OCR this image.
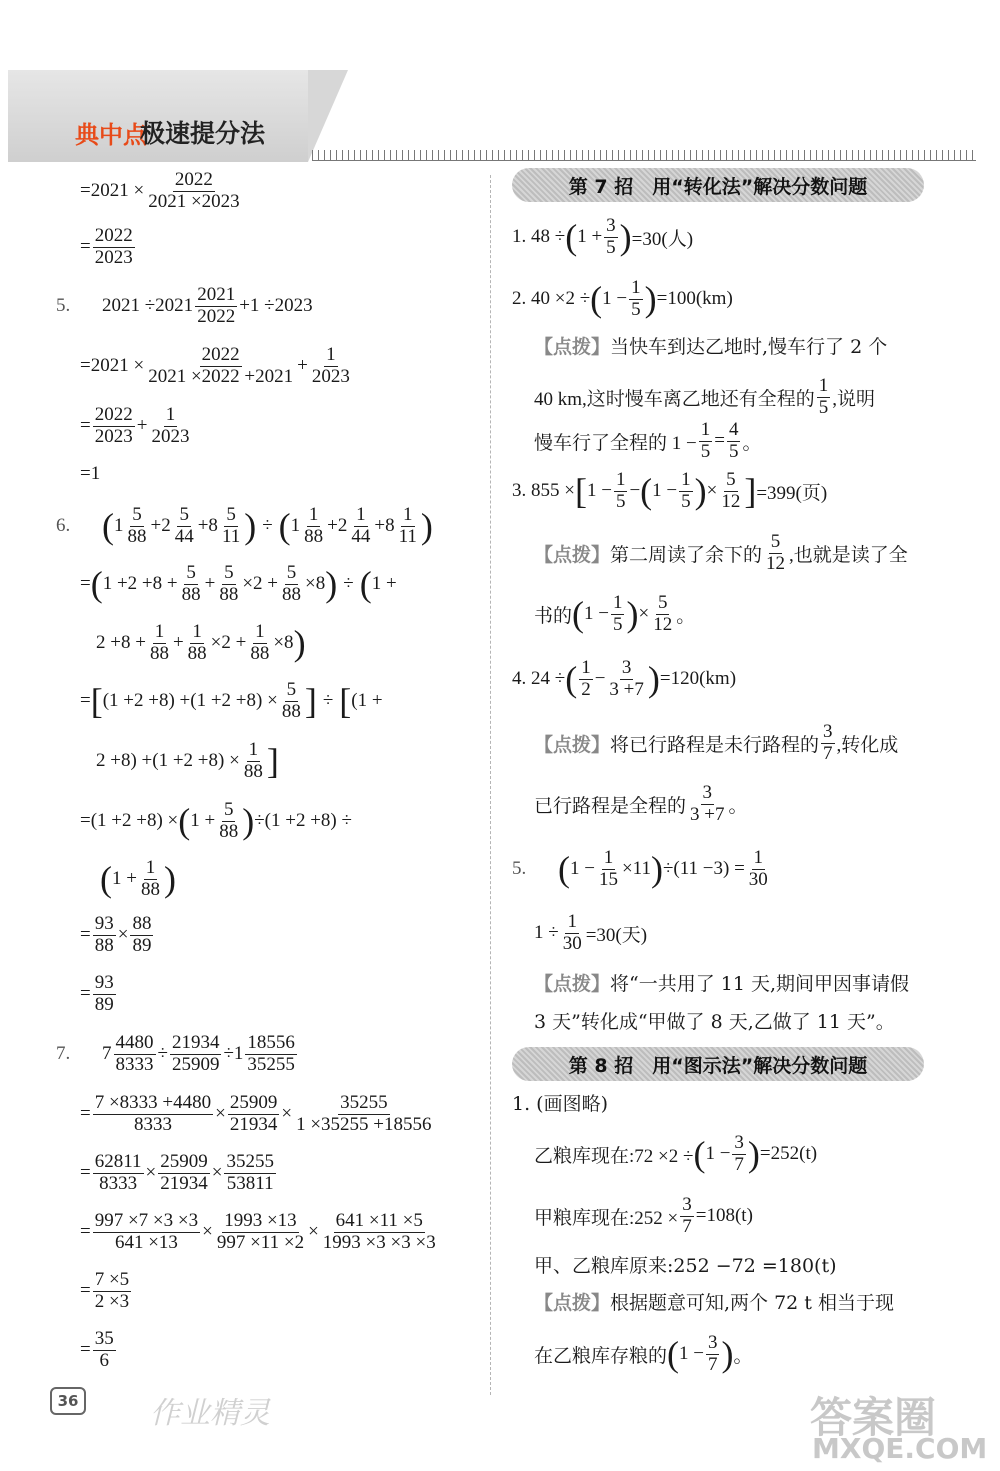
典中点
极速提分法
$=2021 \times \frac{2022}{2021 \times 2023}$
= $\frac{2022}{2023}$
5.	$2021 \div 2021 \frac{2021}{2022} +1 \div 2023$
$=2021 \times \frac{2022}{2021 \times 2022 +2021} + \frac{1}{2023}$
= $\frac{2022}{2023} + \frac{1}{2023}$
=1
6. ( $1 \frac{5}{88} +2 \frac{5}{44} +8 \frac{5}{11}$ ) ÷ ( $1 \frac{1}{88} +2 \frac{1}{44} +8 \frac{1}{11}$ )
= ( $1 +2 +8 + \frac{5}{88} + \frac{5}{88} \times 2 + \frac{5}{88} \times 8$ ) ÷ ( 1 +
$2 +8 + \frac{1}{88} + \frac{1}{88} \times 2 + \frac{1}{88} \times 8$ )
= [ $(1 +2 +8) +(1 +2 +8) \times \frac{5}{88}$ ] ÷ [ (1 +
$2 +8) +(1 +2 +8) \times \frac{1}{88}$ ]
=(1 +2 +8) × ( $1 + \frac{5}{88}$ ) ÷(1 +2 +8) ÷
( $1 + \frac{1}{88}$ )
= $\frac{93}{88} \times \frac{88}{89}$
= $\frac{93}{89}$
7.	$7 \frac{4480}{8333} \div \frac{21934}{25909} \div 1 \frac{18556}{35255}$
= $\frac{7 \times 8333 +4480}{8333} \times \frac{25909}{21934} \times \frac{35255}{1 \times 35255 +18556}$
= $\frac{62811}{8333} \times \frac{25909}{21934} \times \frac{35255}{53811}$
= $\frac{997 \times 7 \times 3 \times 3}{641 \times 13} \times \frac{1993 \times 13}{997 \times 11 \times 2} \times \frac{641 \times 11 \times 5}{1993 \times 3 \times 3 \times 3}$
= $\frac{7 \times 5}{2 \times 3}$
= $\frac{35}{6}$
第 7 招　用“转化法”解决分数问题
1. 48 ÷ ( $1 + \frac{3}{5}$ ) =30(人)
2. 40 ×2 ÷ ( $1 - \frac{1}{5}$ ) =100(km)
【点拨】当快车到达乙地时,慢车行了 2 个
40 km,这时慢车离乙地还有全程的 $\frac{1}{5}$ ,说明
慢车行了全程的 $1 - \frac{1}{5} = \frac{4}{5}$ 。
3. 855 × [ $1 - \frac{1}{5}$ − ( $1 - \frac{1}{5}$ ) × $\frac{5}{12}$ ] =399(页)
【点拨】 第二周读了余下的 $\frac{5}{12}$ ,也就是读了全
书的 ( $1 - \frac{1}{5}$ ) × $\frac{5}{12}$ 。
4. 24 ÷ ( $\frac{1}{2} - \frac{3}{3 +7}$ ) =120(km)
【点拨】 将已行路程是未行路程的 $\frac{3}{7}$ ,转化成
已行路程是全程的 $\frac{3}{3 +7}$ 。
5. ( $1 - \frac{1}{15} \times 11$ ) $\div(11 -3) = \frac{1}{30}$
$1 \div \frac{1}{30} =30$(天)
【点拨】将“一共用了 11 天,期间甲因事请假
3 天”转化成“甲做了 8 天,乙做了 11 天”。
第 8 招　用“图示法”解决分数问题
1. (画图略)
乙粮库现在:72 ×2 ÷ ( $1 - \frac{3}{7}$ ) =252(t)
甲粮库现在:252 × $\frac{3}{7} =108(t)$
甲、乙粮库原来:252 −72 =180(t)
【点拨】根据题意可知,两个 72 t 相当于现
在乙粮库存粮的 ( $1 - \frac{3}{7}$ ) 。
36 作业精灵	答案圈
MXQE.COM
